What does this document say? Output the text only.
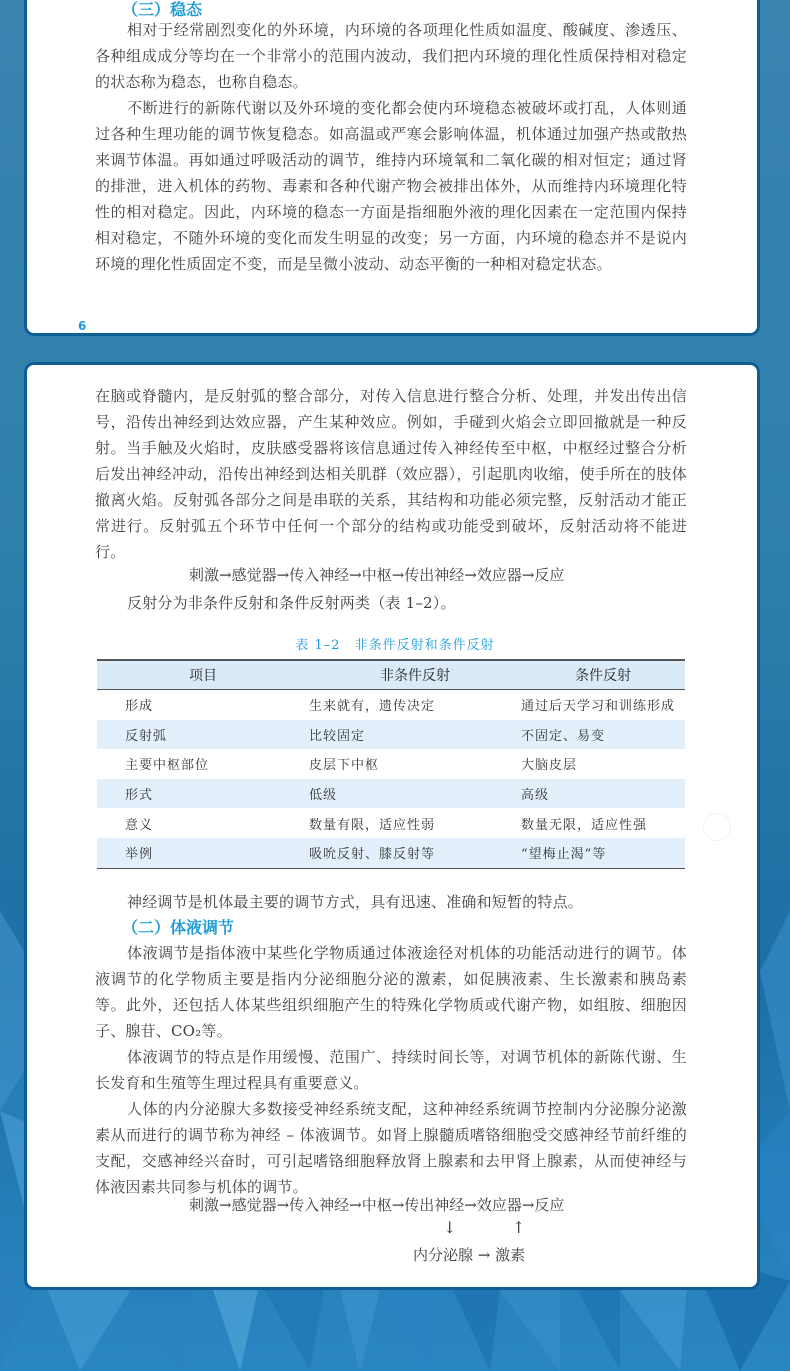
（三）稳态

相对于经常剧烈变化的外环境，内环境的各项理化性质如温度、酸碱度、渗透压、各种组成成分等均在一个非常小的范围内波动，我们把内环境的理化性质保持相对稳定的状态称为稳态，也称自稳态。

不断进行的新陈代谢以及外环境的变化都会使内环境稳态被破坏或打乱，人体则通过各种生理功能的调节恢复稳态。如高温或严寒会影响体温，机体通过加强产热或散热来调节体温。再如通过呼吸活动的调节，维持内环境氧和二氧化碳的相对恒定；通过肾的排泄，进入机体的药物、毒素和各种代谢产物会被排出体外，从而维持内环境理化特性的相对稳定。因此，内环境的稳态一方面是指细胞外液的理化因素在一定范围内保持相对稳定，不随外环境的变化而发生明显的改变；另一方面，内环境的稳态并不是说内环境的理化性质固定不变，而是呈微小波动、动态平衡的一种相对稳定状态。

6

在脑或脊髓内，是反射弧的整合部分，对传入信息进行整合分析、处理，并发出传出信号，沿传出神经到达效应器，产生某种效应。例如，手碰到火焰会立即回撤就是一种反射。当手触及火焰时，皮肤感受器将该信息通过传入神经传至中枢，中枢经过整合分析后发出神经冲动，沿传出神经到达相关肌群（效应器），引起肌肉收缩，使手所在的肢体撤离火焰。反射弧各部分之间是串联的关系，其结构和功能必须完整，反射活动才能正常进行。反射弧五个环节中任何一个部分的结构或功能受到破坏，反射活动将不能进行。

刺激→感觉器→传入神经→中枢→传出神经→效应器→反应

反射分为非条件反射和条件反射两类（表 1–2）。

表 1–2　非条件反射和条件反射
项目	非条件反射	条件反射
形成	生来就有，遗传决定	通过后天学习和训练形成
反射弧	比较固定	不固定、易变
主要中枢部位	皮层下中枢	大脑皮层
形式	低级	高级
意义	数量有限，适应性弱	数量无限，适应性强
举例	吸吮反射、膝反射等	“望梅止渴”等

神经调节是机体最主要的调节方式，具有迅速、准确和短暂的特点。

（二）体液调节

体液调节是指体液中某些化学物质通过体液途径对机体的功能活动进行的调节。体液调节的化学物质主要是指内分泌细胞分泌的激素，如促胰液素、生长激素和胰岛素等。此外，还包括人体某些组织细胞产生的特殊化学物质或代谢产物，如组胺、细胞因子、腺苷、CO₂等。

体液调节的特点是作用缓慢、范围广、持续时间长等，对调节机体的新陈代谢、生长发育和生殖等生理过程具有重要意义。

人体的内分泌腺大多数接受神经系统支配，这种神经系统调节控制内分泌腺分泌激素从而进行的调节称为神经 – 体液调节。如肾上腺髓质嗜铬细胞受交感神经节前纤维的支配，交感神经兴奋时，可引起嗜铬细胞释放肾上腺素和去甲肾上腺素，从而使神经与体液因素共同参与机体的调节。

刺激→感觉器→传入神经→中枢→传出神经→效应器→反应
↓	↑
内分泌腺 → 激素
